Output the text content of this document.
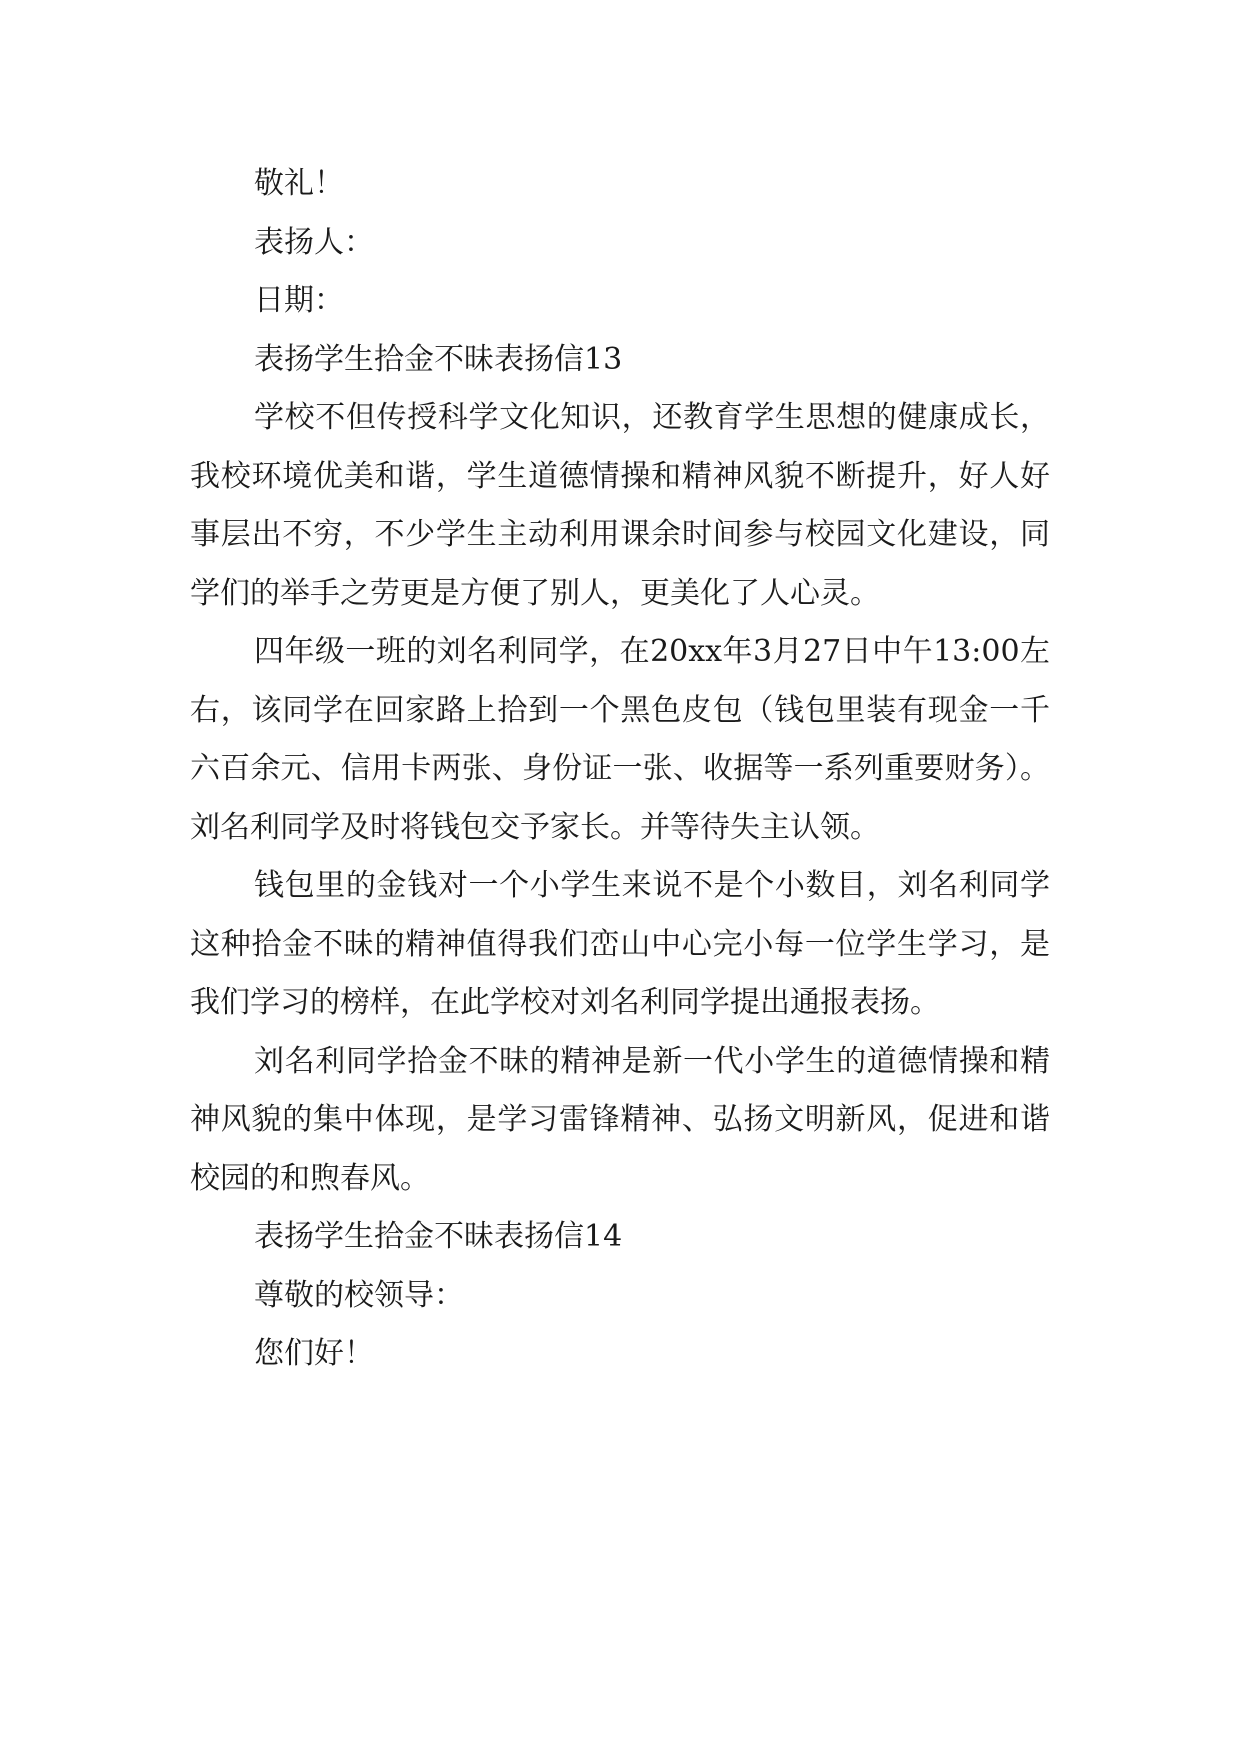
敬礼！

表扬人：

日期：

表扬学生拾金不昧表扬信13

学校不但传授科学文化知识，还教育学生思想的健康成长，我校环境优美和谐，学生道德情操和精神风貌不断提升，好人好事层出不穷，不少学生主动利用课余时间参与校园文化建设，同学们的举手之劳更是方便了别人，更美化了人心灵。

四年级一班的刘名利同学，在20xx年3月27日中午13:00左右，该同学在回家路上拾到一个黑色皮包（钱包里装有现金一千六百余元、信用卡两张、身份证一张、收据等一系列重要财务）。刘名利同学及时将钱包交予家长。并等待失主认领。

钱包里的金钱对一个小学生来说不是个小数目，刘名利同学这种拾金不昧的精神值得我们峦山中心完小每一位学生学习，是我们学习的榜样，在此学校对刘名利同学提出通报表扬。

刘名利同学拾金不昧的精神是新一代小学生的道德情操和精神风貌的集中体现，是学习雷锋精神、弘扬文明新风，促进和谐校园的和煦春风。

表扬学生拾金不昧表扬信14

尊敬的校领导：

您们好！
